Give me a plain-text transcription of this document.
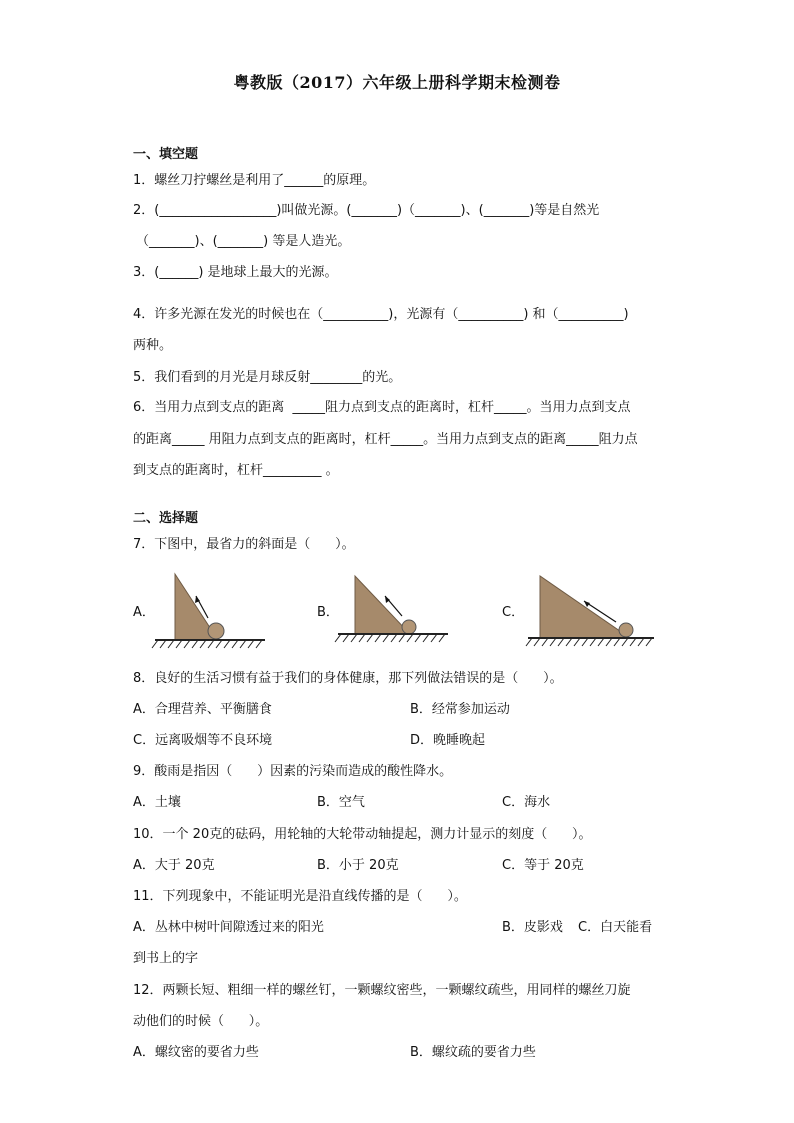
粤教版（2017）六年级上册科学期末检测卷
一、填空题
1．螺丝刀拧螺丝是利用了______的原理。
2．(__________________)叫做光源。(_______)（_______)、(_______)等是自然光
（_______)、(_______) 等是人造光。
3．(______) 是地球上最大的光源。
4．许多光源在发光的时候也在（__________)，光源有（__________) 和（__________)
两种。
5．我们看到的月光是月球反射________的光。
6．当用力点到支点的距离  _____阻力点到支点的距离时，杠杆_____。当用力点到支点
的距离_____ 用阻力点到支点的距离时，杠杆_____。当用力点到支点的距离_____阻力点
到支点的距离时，杠杆_________ 。
二、选择题
7．下图中，最省力的斜面是（      ）。
A．	B．	C．
8．良好的生活习惯有益于我们的身体健康，那下列做法错误的是（      ）。
A．合理营养、平衡膳食	B．经常参加运动
C．远离吸烟等不良环境	D．晚睡晚起
9．酸雨是指因（      ）因素的污染而造成的酸性降水。
A．土壤	B．空气	C．海水
10．一个 20克的砝码，用轮轴的大轮带动轴提起，测力计显示的刻度（      ）。
A．大于 20克	B．小于 20克	C．等于 20克
11．下列现象中，不能证明光是沿直线传播的是（      ）。
A．丛林中树叶间隙透过来的阳光	B．皮影戏 C．白天能看
到书上的字
12．两颗长短、粗细一样的螺丝钉，一颗螺纹密些，一颗螺纹疏些，用同样的螺丝刀旋
动他们的时候（      ）。
A．螺纹密的要省力些	B．螺纹疏的要省力些
